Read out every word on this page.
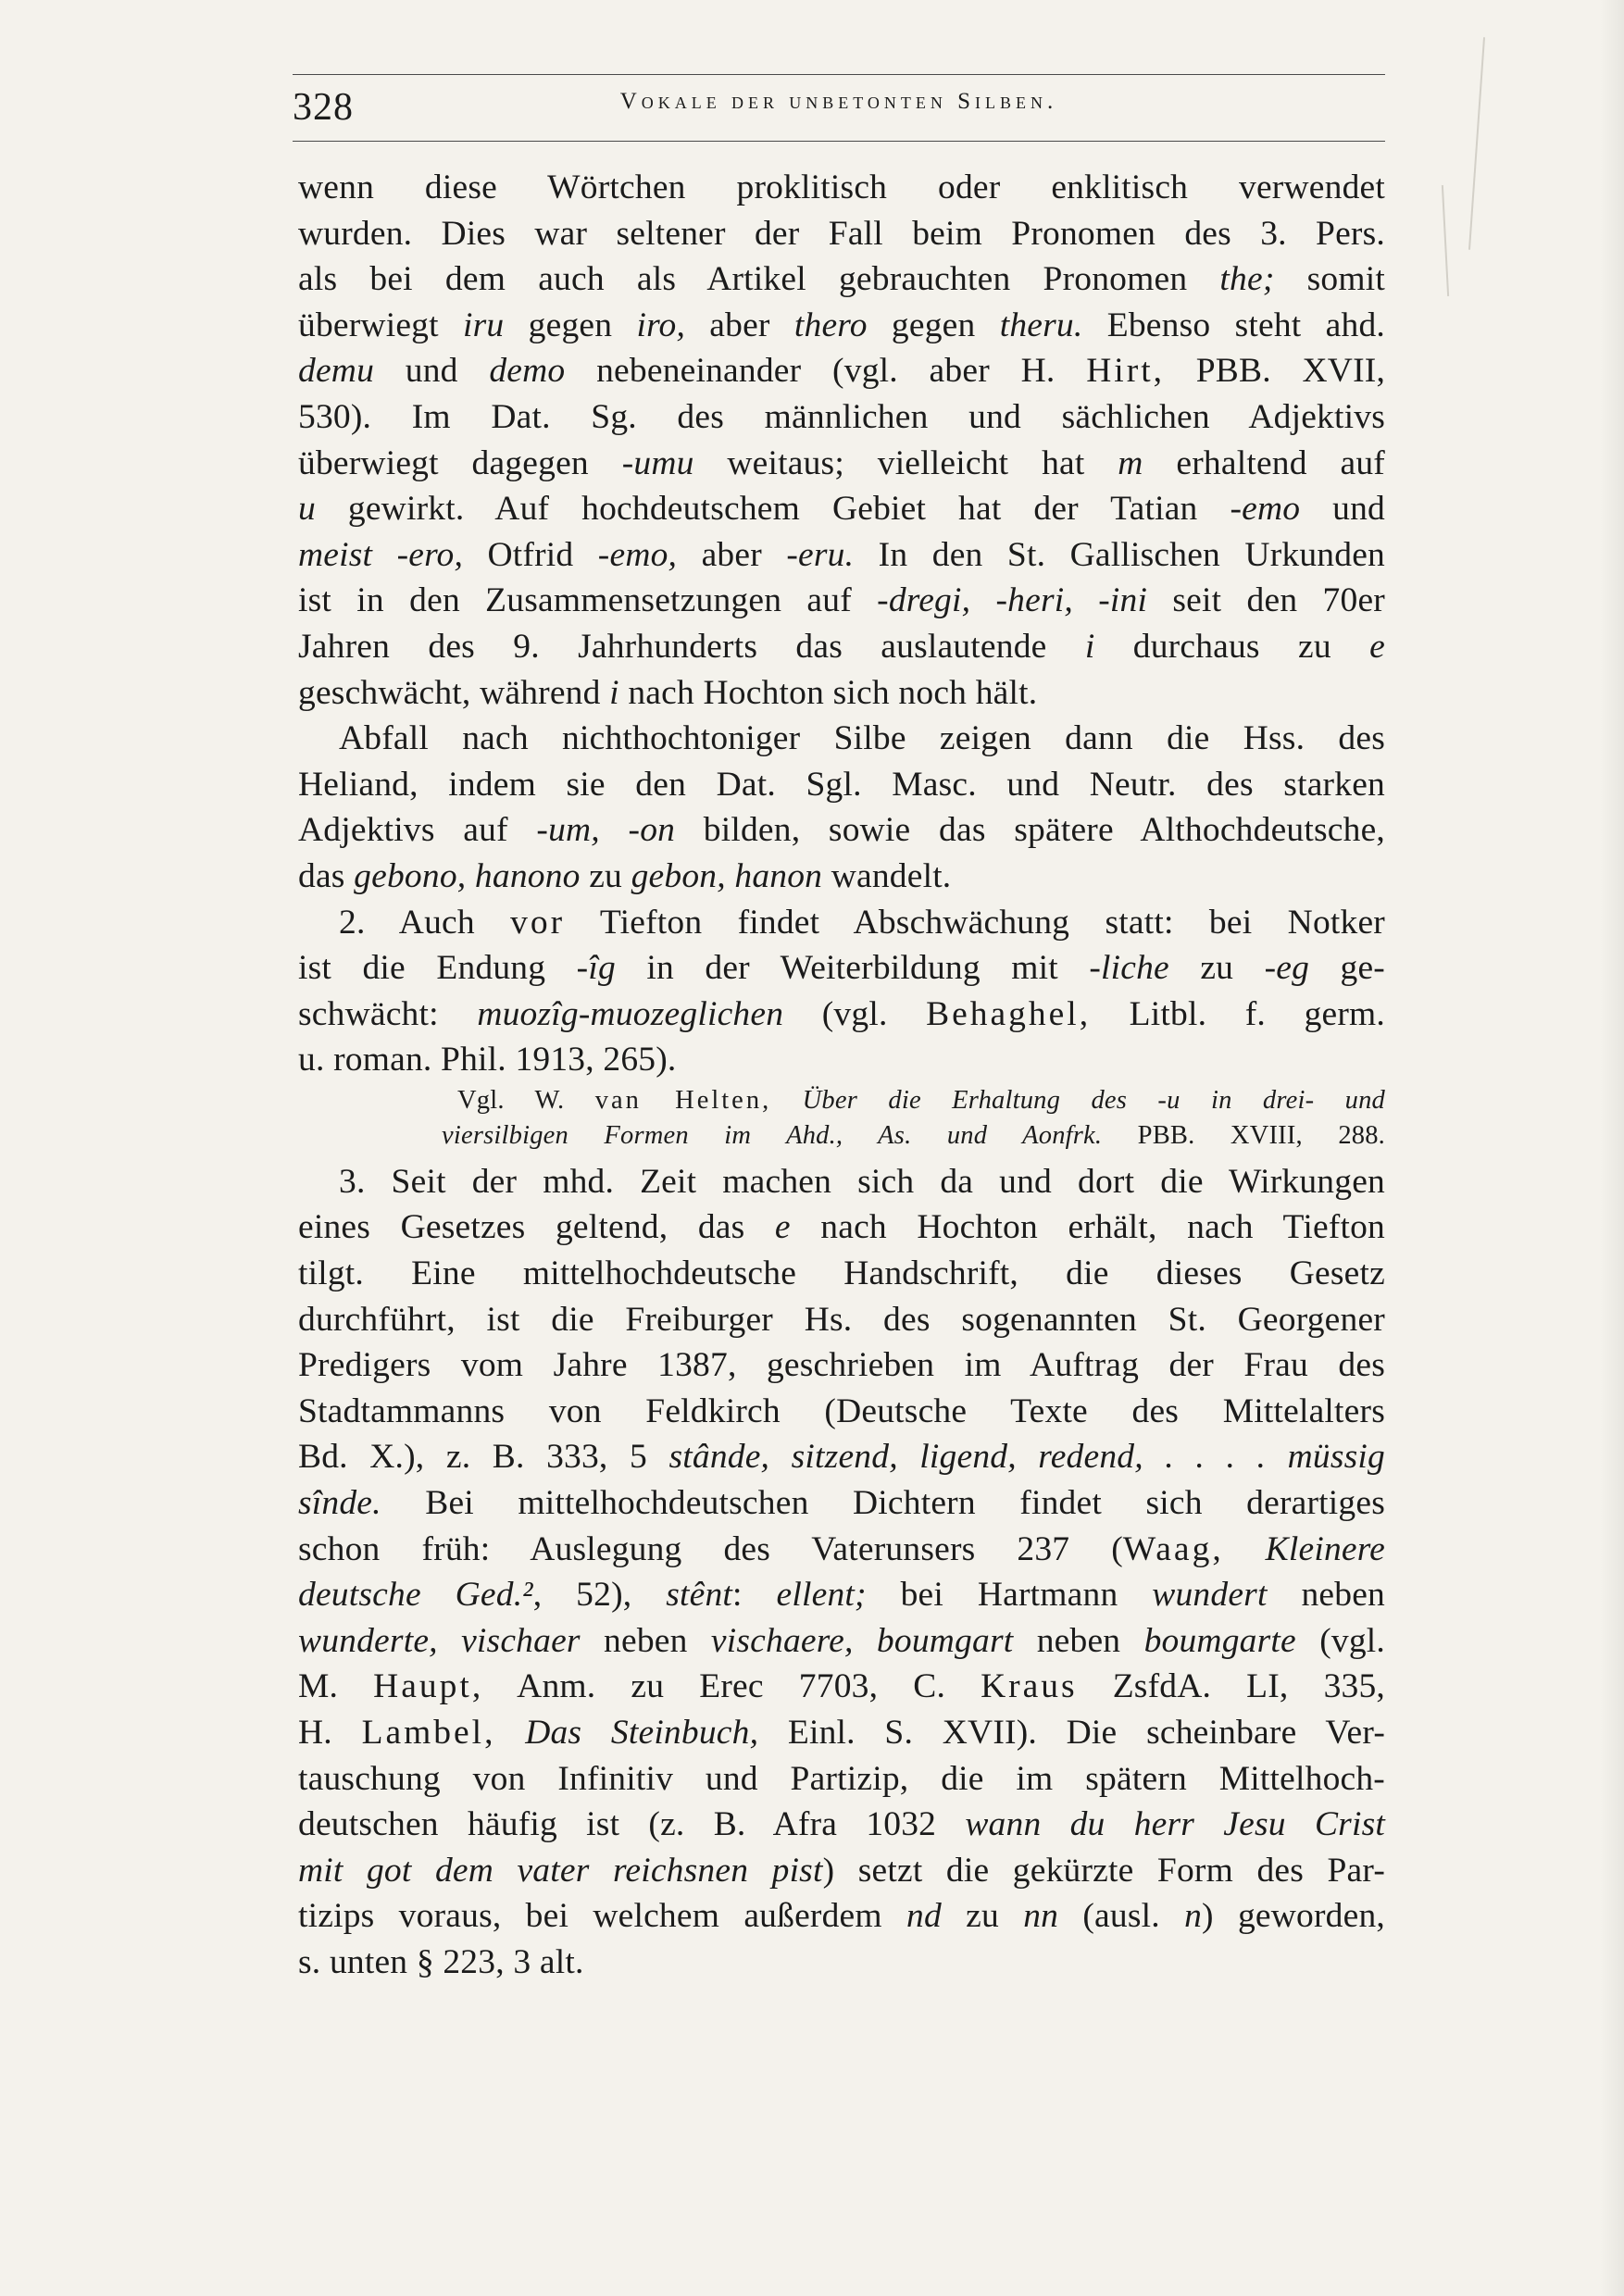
328	Vokale der unbetonten Silben.
wenn diese Wörtchen proklitisch oder enklitisch verwendet
wurden. Dies war seltener der Fall beim Pronomen des 3. Pers.
als bei dem auch als Artikel gebrauchten Pronomen the; somit
überwiegt iru gegen iro, aber thero gegen theru. Ebenso steht ahd.
demu und demo nebeneinander (vgl. aber H. Hirt, PBB. XVII,
530). Im Dat. Sg. des männlichen und sächlichen Adjektivs
überwiegt dagegen -umu weitaus; vielleicht hat m erhaltend auf
u gewirkt. Auf hochdeutschem Gebiet hat der Tatian -emo und
meist -ero, Otfrid -emo, aber -eru. In den St. Gallischen Urkunden
ist in den Zusammensetzungen auf -dregi, -heri, -ini seit den 70er
Jahren des 9. Jahrhunderts das auslautende i durchaus zu e
geschwächt, während i nach Hochton sich noch hält.
Abfall nach nichthochtoniger Silbe zeigen dann die Hss. des
Heliand, indem sie den Dat. Sgl. Masc. und Neutr. des starken
Adjektivs auf -um, -on bilden, sowie das spätere Althochdeutsche,
das gebono, hanono zu gebon, hanon wandelt.
2. Auch vor Tiefton findet Abschwächung statt: bei Notker
ist die Endung -îg in der Weiterbildung mit -liche zu -eg ge-
schwächt: muozîg-muozeglichen (vgl. Behaghel, Litbl. f. germ.
u. roman. Phil. 1913, 265).
Vgl. W. van Helten, Über die Erhaltung des -u in drei- und
viersilbigen Formen im Ahd., As. und Aonfrk. PBB. XVIII, 288.
3. Seit der mhd. Zeit machen sich da und dort die Wirkungen
eines Gesetzes geltend, das e nach Hochton erhält, nach Tiefton
tilgt. Eine mittelhochdeutsche Handschrift, die dieses Gesetz
durchführt, ist die Freiburger Hs. des sogenannten St. Georgener
Predigers vom Jahre 1387, geschrieben im Auftrag der Frau des
Stadtammanns von Feldkirch (Deutsche Texte des Mittelalters
Bd. X.), z. B. 333, 5 stânde, sitzend, ligend, redend, . . . . müssig
sînde. Bei mittelhochdeutschen Dichtern findet sich derartiges
schon früh: Auslegung des Vaterunsers 237 (Waag, Kleinere
deutsche Ged.², 52), stênt: ellent; bei Hartmann wundert neben
wunderte, vischaer neben vischaere, boumgart neben boumgarte (vgl.
M. Haupt, Anm. zu Erec 7703, C. Kraus ZsfdA. LI, 335,
H. Lambel, Das Steinbuch, Einl. S. XVII). Die scheinbare Ver-
tauschung von Infinitiv und Partizip, die im spätern Mittelhoch-
deutschen häufig ist (z. B. Afra 1032 wann du herr Jesu Crist
mit got dem vater reichsnen pist) setzt die gekürzte Form des Par-
tizips voraus, bei welchem außerdem nd zu nn (ausl. n) geworden,
s. unten § 223, 3 alt.
